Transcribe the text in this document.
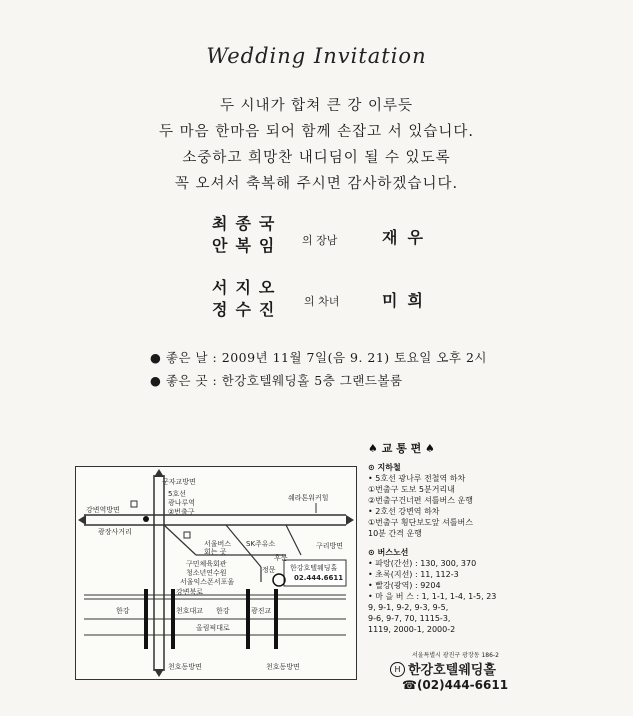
Wedding Invitation
두 시내가 합쳐 큰 강 이루듯
두 마음 한마음 되어 함께 손잡고 서 있습니다.
소중하고 희망찬 내디딤이 될 수 있도록
꼭 오셔서 축복해 주시면 감사하겠습니다.
최종국
안복임 의 장남	재우
서지오
정수진 의 차녀	미희
● 좋은 날 : 2009년 11월 7일(음 9. 21) 토요일 오후 2시
● 좋은 곳 : 한강호텔웨딩홀 5층 그랜드볼룸
군자교방면
5호선
광나루역
②번출구
강변역방면
광장사거리
쉐라톤워커힐
서울버스
회는 곳
SK주유소	구리방면
구민체육회관
청소년연수원
서울익스폰서포울
한강호텔웨딩홀
02.444.6611
정문
후문
강변북로
한강	천호대교 한강	광진교
올림픽대로
천호동방면	천호동방면
♠ 교 통 편 ♠
⊙ 지하철
• 5호선 광나루 전철역 하차
①번출구 도보 5분거리내
②번출구건너편 셔틀버스 운행
• 2호선 강변역 하차
①번출구 횡단보도앞 셔틀버스
10분 간격 운행
⊙ 버스노선
• 파랑(간선) : 130, 300, 370
• 초록(지선) : 11, 112-3
• 빨강(광역) : 9204
• 마 을 버 스 : 1, 1-1, 1-4, 1-5, 23
9, 9-1, 9-2, 9-3, 9-5,
9-6, 9-7, 70, 1115-3,
1119, 2000-1, 2000-2
서울특별시 광진구 광장동 186-2
H 한강호텔웨딩홀
☎(02)444-6611
